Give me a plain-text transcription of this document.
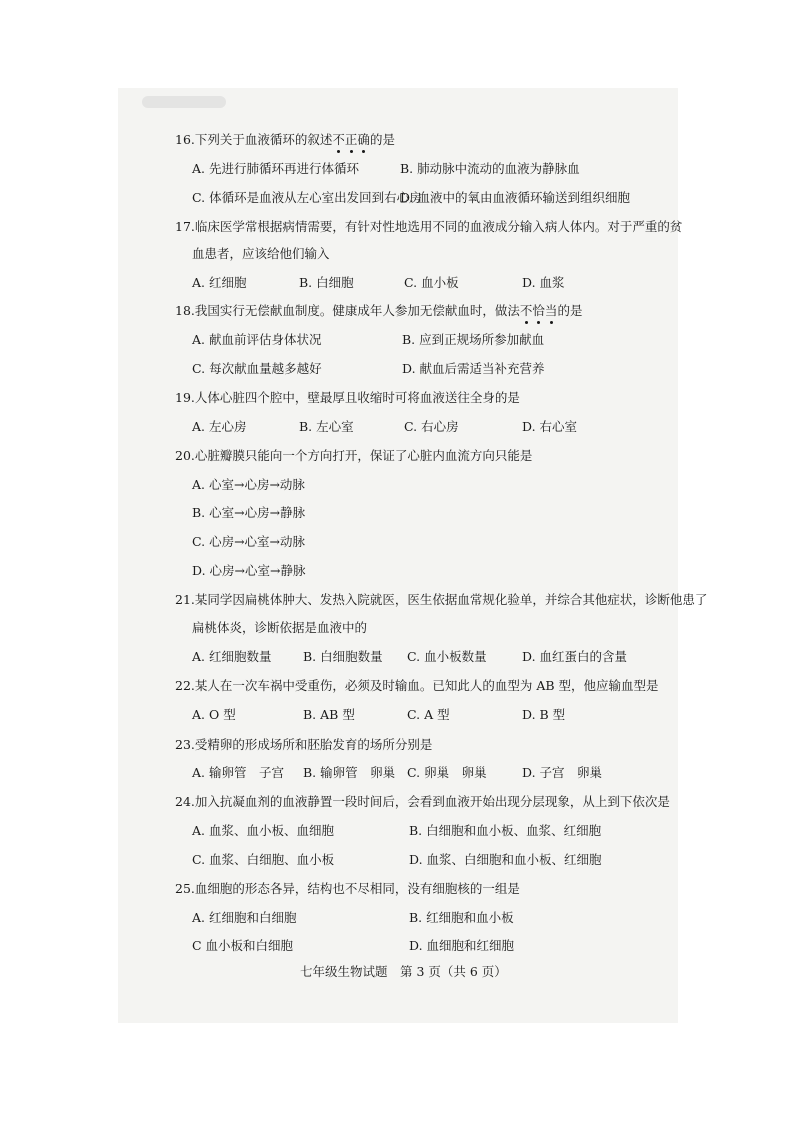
16.下列关于血液循环的叙述不正确的是
A. 先进行肺循环再进行体循环	B. 肺动脉中流动的血液为静脉血
C. 体循环是血液从左心室出发回到右心房
D. 血液中的氧由血液循环输送到组织细胞
17.临床医学常根据病情需要，有针对性地选用不同的血液成分输入病人体内。对于严重的贫
血患者，应该给他们输入
A. 红细胞	B. 白细胞	C. 血小板	D. 血浆
18.我国实行无偿献血制度。健康成年人参加无偿献血时，做法不恰当的是
A. 献血前评估身体状况	B. 应到正规场所参加献血
C. 每次献血量越多越好	D. 献血后需适当补充营养
19.人体心脏四个腔中，壁最厚且收缩时可将血液送往全身的是
A. 左心房	B. 左心室	C. 右心房	D. 右心室
20.心脏瓣膜只能向一个方向打开，保证了心脏内血流方向只能是
A. 心室→心房→动脉
B. 心室→心房→静脉
C. 心房→心室→动脉
D. 心房→心室→静脉
21.某同学因扁桃体肿大、发热入院就医，医生依据血常规化验单，并综合其他症状，诊断他患了
扁桃体炎，诊断依据是血液中的
A. 红细胞数量	B. 白细胞数量 C. 血小板数量	D. 血红蛋白的含量
22.某人在一次车祸中受重伤，必须及时输血。已知此人的血型为 AB 型，他应输血型是
A. O 型	B. AB 型	C. A 型	D. B 型
23.受精卵的形成场所和胚胎发育的场所分别是
A. 输卵管　子宫 B. 输卵管　卵巢 C. 卵巢　卵巢	D. 子宫　卵巢
24.加入抗凝血剂的血液静置一段时间后，会看到血液开始出现分层现象，从上到下依次是
A. 血浆、血小板、血细胞	B. 白细胞和血小板、血浆、红细胞
C. 血浆、白细胞、血小板	D. 血浆、白细胞和血小板、红细胞
25.血细胞的形态各异，结构也不尽相同，没有细胞核的一组是
A. 红细胞和白细胞	B. 红细胞和血小板
C 血小板和白细胞	D. 血细胞和红细胞
七年级生物试题　第 3 页（共 6 页）
